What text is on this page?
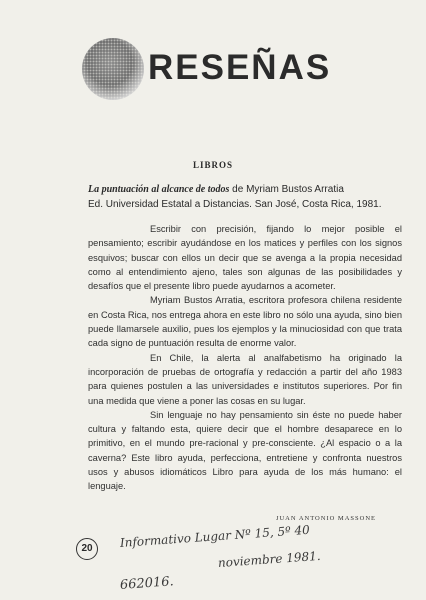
RESEÑAS
LIBROS
La puntuación al alcance de todos de Myriam Bustos Arratia
Ed. Universidad Estatal a Distancias. San José, Costa Rica, 1981.

Escribir con precisión, fijando lo mejor posible el pensamiento; escribir ayudándose en los matices y perfiles con los signos esquivos; buscar con ellos un decir que se avenga a la propia necesidad como al entendimiento ajeno, tales son algunas de las posibilidades y desafíos que el presente libro puede ayudarnos a acometer.

Myriam Bustos Arratia, escritora profesora chilena residente en Costa Rica, nos entrega ahora en este libro no sólo una ayuda, sino bien puede llamarsele auxilio, pues los ejemplos y la minuciosidad con que trata cada signo de puntuación resulta de enorme valor.

En Chile, la alerta al analfabetismo ha originado la incorporación de pruebas de ortografía y redacción a partir del año 1983 para quienes postulen a las universidades e institutos superiores. Por fin una medida que viene a poner las cosas en su lugar.

Sin lenguaje no hay pensamiento sin éste no puede haber cultura y faltando esta, quiere decir que el hombre desaparece en lo primitivo, en el mundo pre-racional y pre-consciente. ¿Al espacio o a la caverna? Este libro ayuda, perfecciona, entretiene y confronta nuestros usos y abusos idiomáticos Libro para ayuda de los más humano: el lenguaje.

JUAN ANTONIO MASSONE
20	Informativo Lugar Nº 15, 5º 40
noviembre 1981.
662016.
